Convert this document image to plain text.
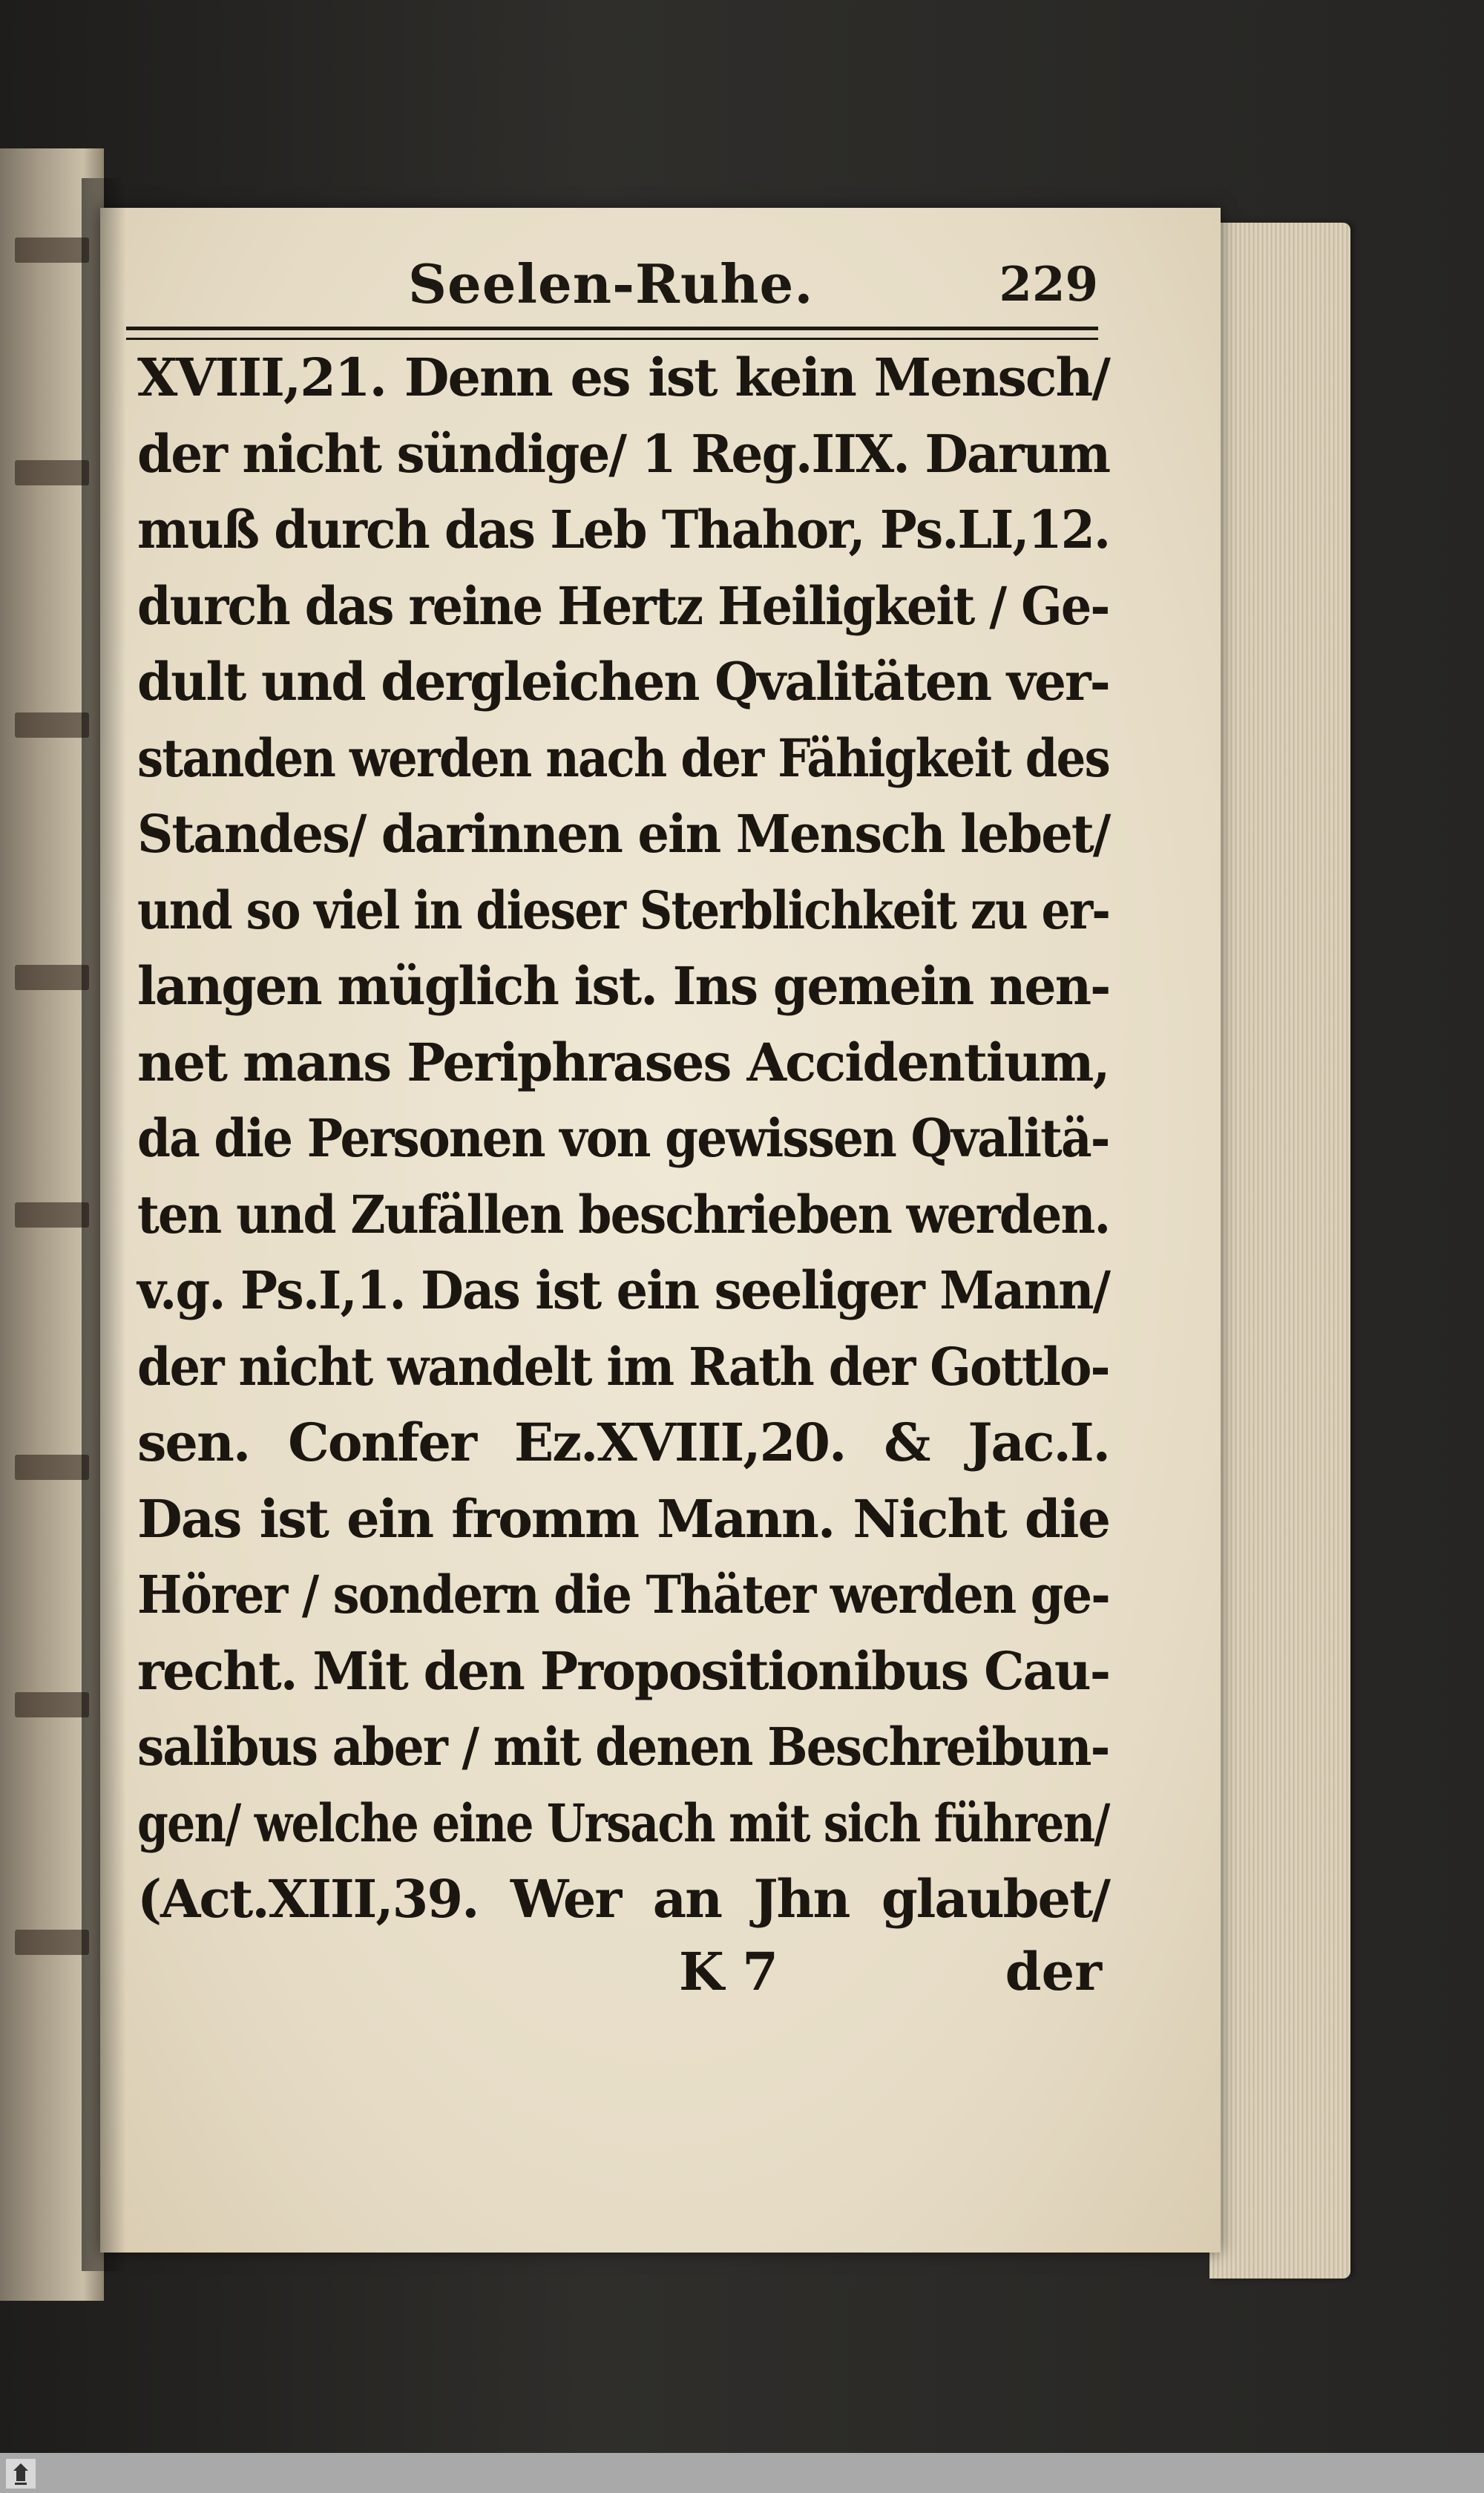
Seelen-Ruhe.	229
XVIII,21. Denn es ist kein Mensch/
der nicht sündige/ 1 Reg.IIX. Darum
muß durch das Leb Thahor, Ps.LI,12.
durch das reine Hertz Heiligkeit / Ge-
dult und dergleichen Qvalitäten ver-
standen werden nach der Fähigkeit des
Standes/ darinnen ein Mensch lebet/
und so viel in dieser Sterblichkeit zu er-
langen müglich ist. Ins gemein nen-
net mans Periphrases Accidentium,
da die Personen von gewissen Qvalitä-
ten und Zufällen beschrieben werden.
v.g. Ps.I,1. Das ist ein seeliger Mann/
der nicht wandelt im Rath der Gottlo-
sen. Confer Ez.XVIII,20. & Jac.I.
Das ist ein fromm Mann. Nicht die
Hörer / sondern die Thäter werden ge-
recht. Mit den Propositionibus Cau-
salibus aber / mit denen Beschreibun-
gen/ welche eine Ursach mit sich führen/
(Act.XIII,39. Wer an Jhn glaubet/
K 7	der
